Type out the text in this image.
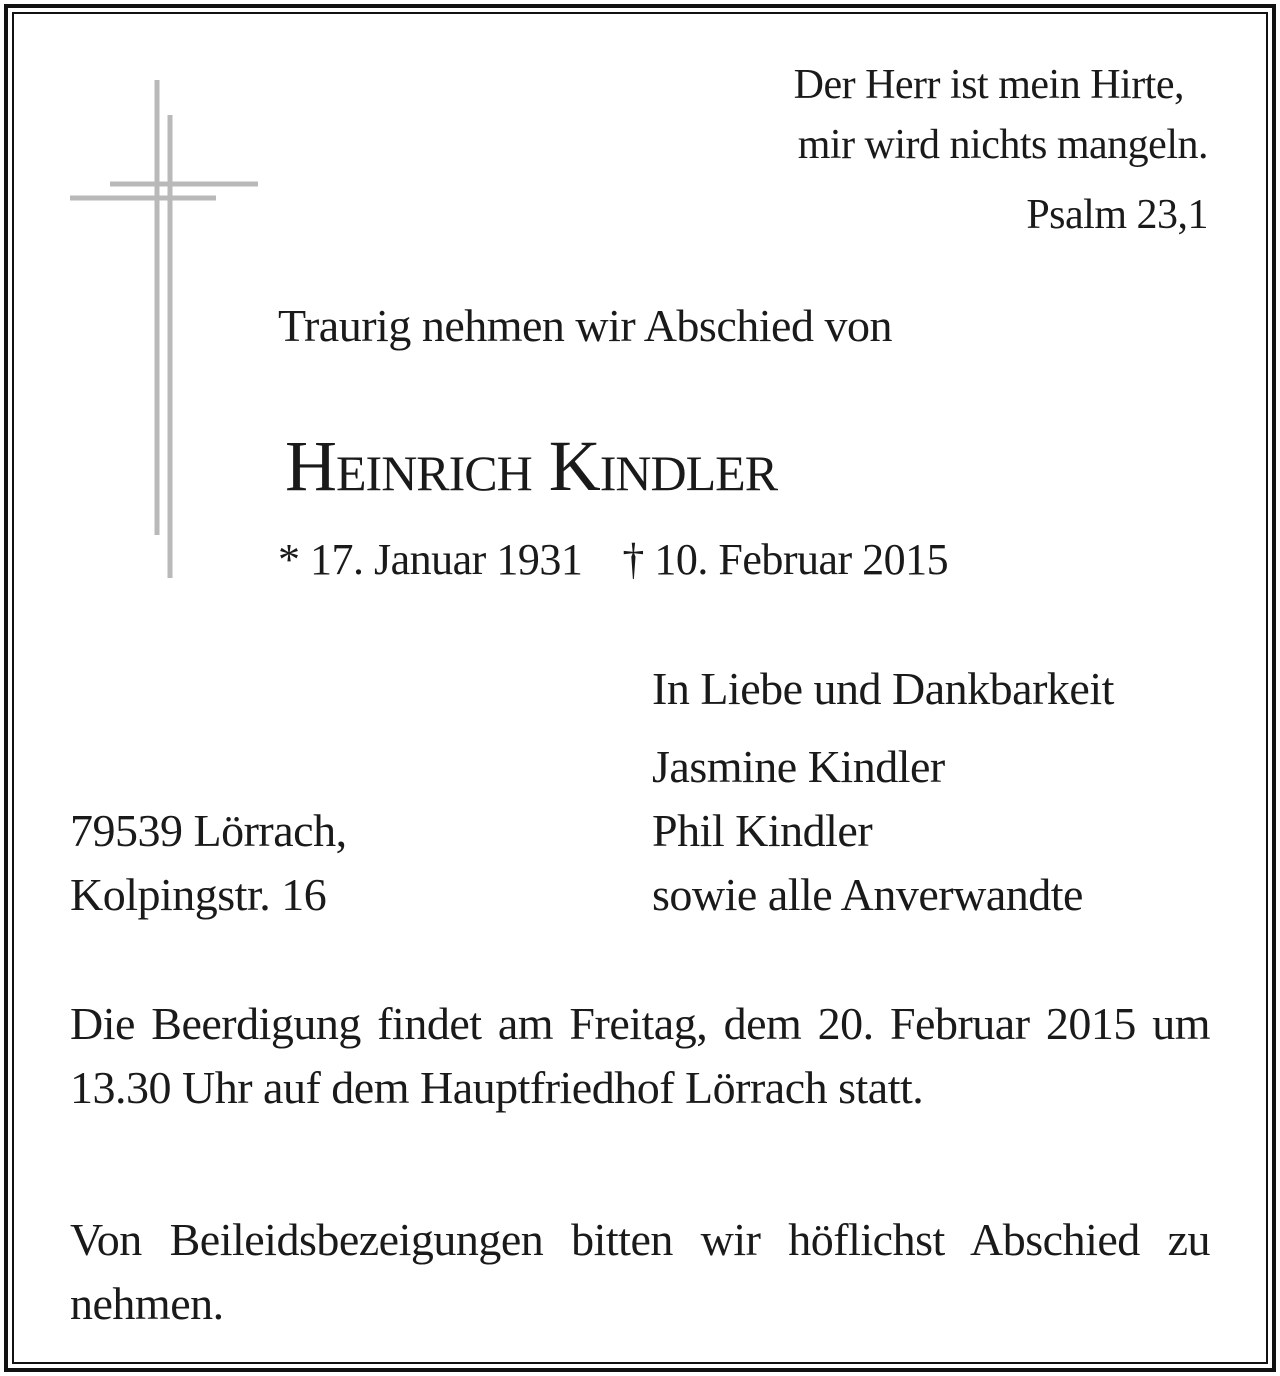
Der Herr ist mein Hirte,
mir wird nichts mangeln.
Psalm 23,1
Traurig nehmen wir Abschied von
Heinrich Kindler
* 17. Januar 1931 † 10. Februar 2015
In Liebe und Dankbarkeit
Jasmine Kindler
Phil Kindler
sowie alle Anverwandte
79539 Lörrach,
Kolpingstr. 16
Die Beerdigung findet am Freitag, dem 20. Februar 2015 um 13.30 Uhr auf dem Hauptfriedhof Lörrach statt.
Von Beileidsbezeigungen bitten wir höflichst Abschied zu nehmen.
